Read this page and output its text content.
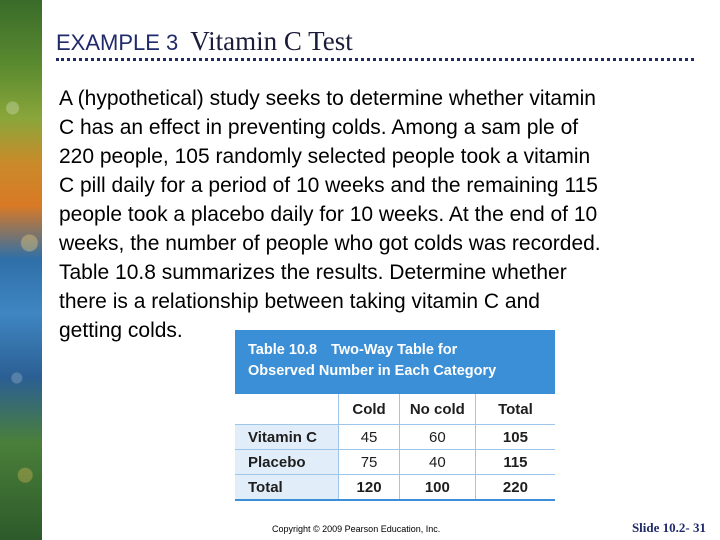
EXAMPLE 3 Vitamin C Test
A (hypothetical) study seeks to determine whether vitamin
C has an effect in preventing colds. Among a sam ple of
220 people, 105 randomly selected people took a vitamin
C pill daily for a period of 10 weeks and the remaining 115
people took a placebo daily for 10 weeks. At the end of 10
weeks, the number of people who got colds was recorded.
Table 10.8 summarizes the results. Determine whether
there is a relationship between taking vitamin C and
getting colds.
Table 10.8 Two-Way Table for
Observed Number in Each Category
	Cold	No cold	Total
Vitamin C	45	60	105
Placebo	75	40	115
Total	120	100	220
Copyright © 2009 Pearson Education, Inc.	Slide 10.2- 31
